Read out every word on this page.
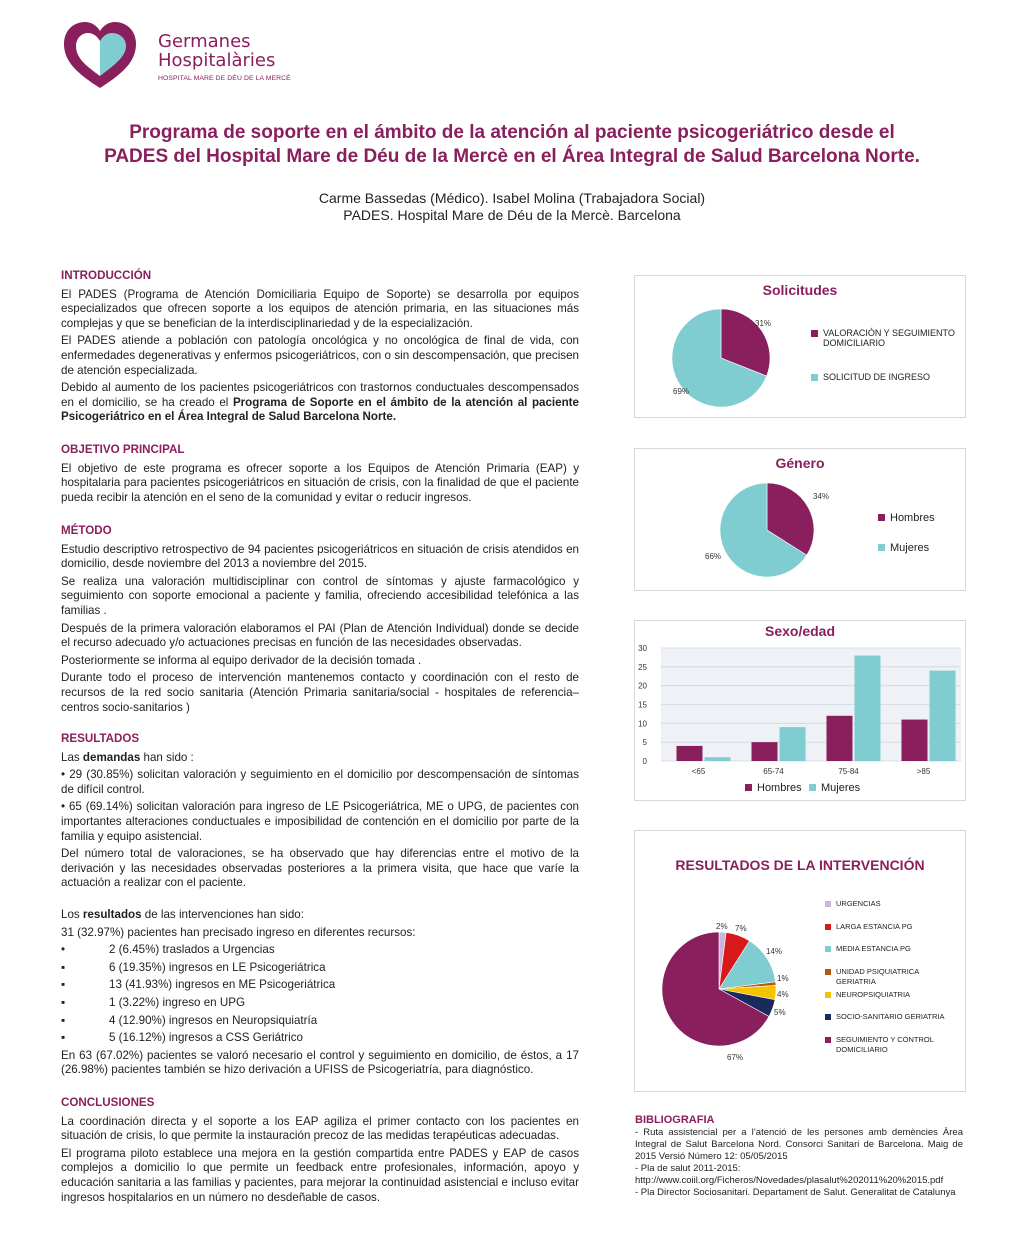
Germanes
Hospitalàries
HOSPITAL MARE DE DÉU DE LA MERCÈ
Programa de soporte en el ámbito de la atención al paciente psicogeriátrico desde el PADES del Hospital Mare de Déu de la Mercè en el Área Integral de Salud Barcelona Norte.
Carme Bassedas (Médico). Isabel Molina (Trabajadora Social)
PADES. Hospital Mare de Déu de la Mercè. Barcelona
INTRODUCCIÓN

El PADES (Programa de Atención Domiciliaria Equipo de Soporte) se desarrolla por equipos especializados que ofrecen soporte a los equipos de atención primaria, en las situaciones más complejas y que se benefician de la interdisciplinariedad y de la especialización.

El PADES atiende a población con patología oncológica y no oncológica de final de vida, con enfermedades degenerativas y enfermos psicogeriátricos, con o sin descompensación, que precisen de atención especializada.

Debido al aumento de los pacientes psicogeriátricos con trastornos conductuales descompensados en el domicilio, se ha creado el Programa de Soporte en el ámbito de la atención al paciente Psicogeriátrico en el Área Integral de Salud Barcelona Norte.

OBJETIVO PRINCIPAL

El objetivo de este programa es ofrecer soporte a los Equipos de Atención Primaria (EAP) y hospitalaria para pacientes psicogeriátricos en situación de crisis, con la finalidad de que el paciente pueda recibir la atención en el seno de la comunidad y evitar o reducir ingresos.

MÉTODO

Estudio descriptivo retrospectivo de 94 pacientes psicogeriátricos en situación de crisis atendidos en domicilio, desde noviembre del 2013 a noviembre del 2015.

Se realiza una valoración multidisciplinar con control de síntomas y ajuste farmacológico y seguimiento con soporte emocional a paciente y familia, ofreciendo accesibilidad telefónica a las familias .

Después de la primera valoración elaboramos el PAI (Plan de Atención Individual) donde se decide el recurso adecuado y/o actuaciones precisas en función de las necesidades observadas.

Posteriormente se informa al equipo derivador de la decisión tomada .

Durante todo el proceso de intervención mantenemos contacto y coordinación con el resto de recursos de la red socio sanitaria (Atención Primaria sanitaria/social - hospitales de referencia–centros socio-sanitarios )

RESULTADOS

Las demandas han sido :

• 29 (30.85%) solicitan valoración y seguimiento en el domicilio por descompensación de síntomas de difícil control.

• 65 (69.14%) solicitan valoración para ingreso de LE Psicogeriátrica, ME o UPG, de pacientes con importantes alteraciones conductuales e imposibilidad de contención en el domicilio por parte de la familia y equipo asistencial.

Del número total de valoraciones, se ha observado que hay diferencias entre el motivo de la derivación y las necesidades observadas posteriores a la primera visita, que hace que varíe la actuación a realizar con el paciente.

Los resultados de las intervenciones han sido:

31 (32.97%) pacientes han precisado ingreso en diferentes recursos:

•	2 (6.45%) traslados a Urgencias
▪	6 (19.35%) ingresos en LE Psicogeriátrica
▪	13 (41.93%) ingresos en ME Psicogeriátrica
▪	1 (3.22%) ingreso en UPG
▪	4 (12.90%) ingresos en Neuropsiquiatría
▪	5 (16.12%) ingresos a CSS Geriátrico

En 63 (67.02%) pacientes se valoró necesario el control y seguimiento en domicilio, de éstos, a 17 (26.98%) pacientes también se hizo derivación a UFISS de Psicogeriatría, para diagnóstico.

CONCLUSIONES

La coordinación directa y el soporte a los EAP agiliza el primer contacto con los pacientes en situación de crisis, lo que permite la instauración precoz de las medidas terapéuticas adecuadas.

El programa piloto establece una mejora en la gestión compartida entre PADES y EAP de casos complejos a domicilio lo que permite un feedback entre profesionales, información, apoyo y educación sanitaria a las familias y pacientes, para mejorar la continuidad asistencial e incluso evitar ingresos hospitalarios en un número no desdeñable de casos.

Solicitudes
31%
69%
VALORACIÓN Y SEGUIMIENTO DOMICILIARIO
SOLICITUD DE INGRESO
Género
34%
66%
Hombres
Mujeres
0
5
10
15
20
25
30
<65	65-74	75-84	>85
Sexo/edad
Hombres Mujeres
RESULTADOS DE LA INTERVENCIÓN
2% 7%
14%
1%
4%
5%
67%
URGENCIAS
LARGA ESTANCIA PG
MEDIA ESTANCIA PG
UNIDAD PSIQUIATRICA GERIATRIA
NEUROPSIQUIATRIA
SOCIO-SANITARIO GERIATRIA
SEGUIMIENTO Y CONTROL DOMICILIARIO
BIBLIOGRAFIA

- Ruta assistencial per a l’atenció de les persones amb demències Àrea Integral de Salut Barcelona Nord. Consorci Sanitari de Barcelona. Maig de 2015 Versió Número 12: 05/05/2015

- Pla de salut 2011-2015:

http://www.coiil.org/Ficheros/Novedades/plasalut%202011%20%2015.pdf

- Pla Director Sociosanitari. Departament de Salut. Generalitat de Catalunya
